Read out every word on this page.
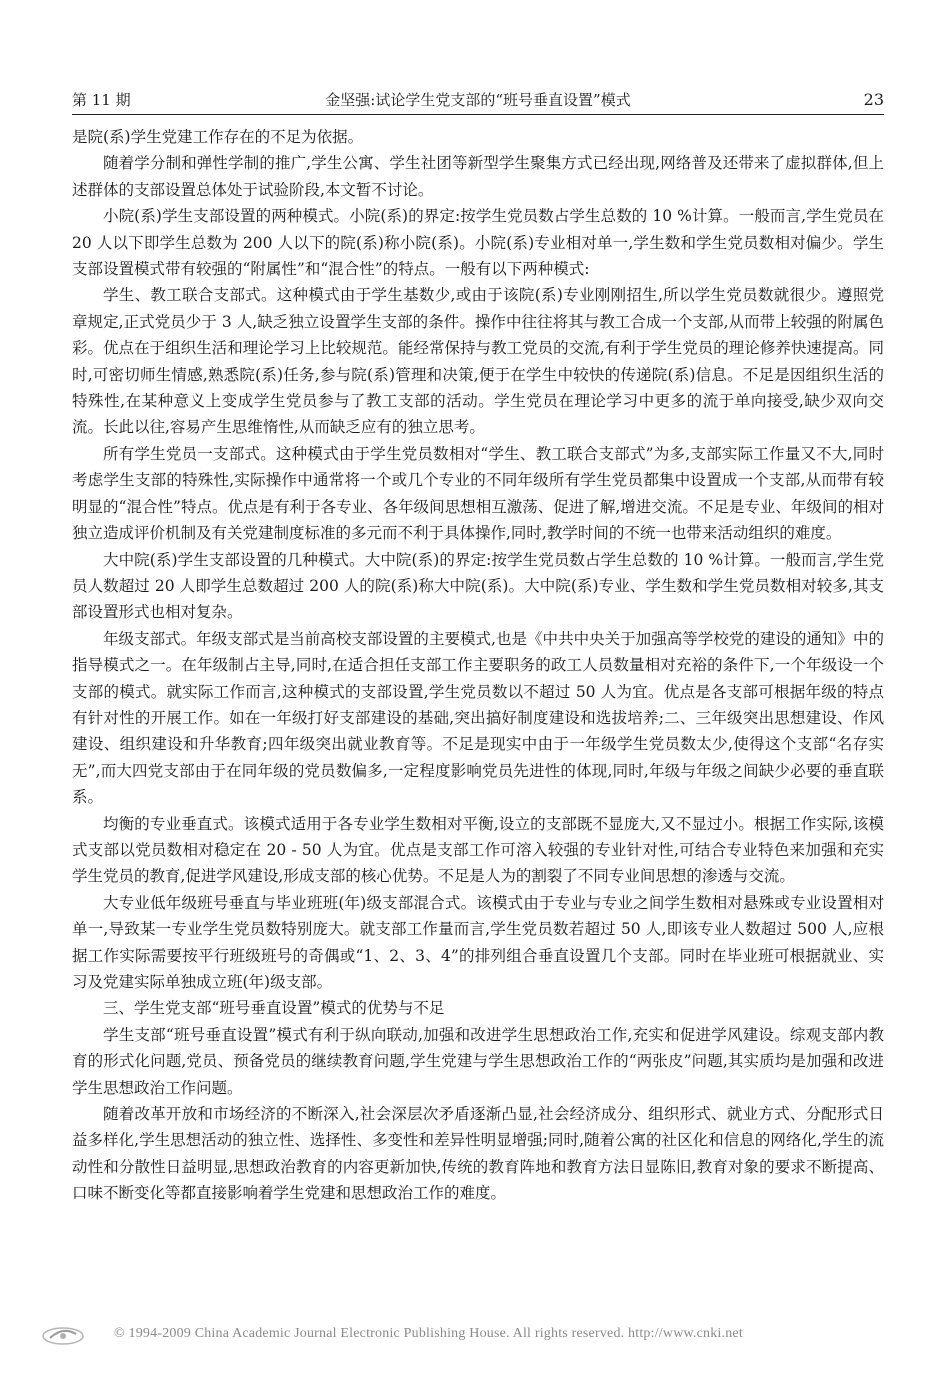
第 11 期	金坚强:试论学生党支部的“班号垂直设置”模式	23

是院(系)学生党建工作存在的不足为依据。

随着学分制和弹性学制的推广,学生公寓、学生社团等新型学生聚集方式已经出现,网络普及还带来了虚拟群体,但上述群体的支部设置总体处于试验阶段,本文暂不讨论。

小院(系)学生支部设置的两种模式。小院(系)的界定:按学生党员数占学生总数的 10 %计算。一般而言,学生党员在 20 人以下即学生总数为 200 人以下的院(系)称小院(系)。小院(系)专业相对单一,学生数和学生党员数相对偏少。学生支部设置模式带有较强的“附属性”和“混合性”的特点。一般有以下两种模式:

学生、教工联合支部式。这种模式由于学生基数少,或由于该院(系)专业刚刚招生,所以学生党员数就很少。遵照党章规定,正式党员少于 3 人,缺乏独立设置学生支部的条件。操作中往往将其与教工合成一个支部,从而带上较强的附属色彩。优点在于组织生活和理论学习上比较规范。能经常保持与教工党员的交流,有利于学生党员的理论修养快速提高。同时,可密切师生情感,熟悉院(系)任务,参与院(系)管理和决策,便于在学生中较快的传递院(系)信息。不足是因组织生活的特殊性,在某种意义上变成学生党员参与了教工支部的活动。学生党员在理论学习中更多的流于单向接受,缺少双向交流。长此以往,容易产生思维惰性,从而缺乏应有的独立思考。

所有学生党员一支部式。这种模式由于学生党员数相对“学生、教工联合支部式”为多,支部实际工作量又不大,同时考虑学生支部的特殊性,实际操作中通常将一个或几个专业的不同年级所有学生党员都集中设置成一个支部,从而带有较明显的“混合性”特点。优点是有利于各专业、各年级间思想相互激荡、促进了解,增进交流。不足是专业、年级间的相对独立造成评价机制及有关党建制度标准的多元而不利于具体操作,同时,教学时间的不统一也带来活动组织的难度。

大中院(系)学生支部设置的几种模式。大中院(系)的界定:按学生党员数占学生总数的 10 %计算。一般而言,学生党员人数超过 20 人即学生总数超过 200 人的院(系)称大中院(系)。大中院(系)专业、学生数和学生党员数相对较多,其支部设置形式也相对复杂。

年级支部式。年级支部式是当前高校支部设置的主要模式,也是《中共中央关于加强高等学校党的建设的通知》中的指导模式之一。在年级制占主导,同时,在适合担任支部工作主要职务的政工人员数量相对充裕的条件下,一个年级设一个支部的模式。就实际工作而言,这种模式的支部设置,学生党员数以不超过 50 人为宜。优点是各支部可根据年级的特点有针对性的开展工作。如在一年级打好支部建设的基础,突出搞好制度建设和选拔培养;二、三年级突出思想建设、作风建设、组织建设和升华教育;四年级突出就业教育等。不足是现实中由于一年级学生党员数太少,使得这个支部“名存实无”,而大四党支部由于在同年级的党员数偏多,一定程度影响党员先进性的体现,同时,年级与年级之间缺少必要的垂直联系。

均衡的专业垂直式。该模式适用于各专业学生数相对平衡,设立的支部既不显庞大,又不显过小。根据工作实际,该模式支部以党员数相对稳定在 20 - 50 人为宜。优点是支部工作可溶入较强的专业针对性,可结合专业特色来加强和充实学生党员的教育,促进学风建设,形成支部的核心优势。不足是人为的割裂了不同专业间思想的渗透与交流。

大专业低年级班号垂直与毕业班班(年)级支部混合式。该模式由于专业与专业之间学生数相对悬殊或专业设置相对单一,导致某一专业学生党员数特别庞大。就支部工作量而言,学生党员数若超过 50 人,即该专业人数超过 500 人,应根据工作实际需要按平行班级班号的奇偶或“1、2、3、4”的排列组合垂直设置几个支部。同时在毕业班可根据就业、实习及党建实际单独成立班(年)级支部。

三、学生党支部“班号垂直设置”模式的优势与不足

学生支部“班号垂直设置”模式有利于纵向联动,加强和改进学生思想政治工作,充实和促进学风建设。综观支部内教育的形式化问题,党员、预备党员的继续教育问题,学生党建与学生思想政治工作的“两张皮”问题,其实质均是加强和改进学生思想政治工作问题。

随着改革开放和市场经济的不断深入,社会深层次矛盾逐渐凸显,社会经济成分、组织形式、就业方式、分配形式日益多样化,学生思想活动的独立性、选择性、多变性和差异性明显增强;同时,随着公寓的社区化和信息的网络化,学生的流动性和分散性日益明显,思想政治教育的内容更新加快,传统的教育阵地和教育方法日显陈旧,教育对象的要求不断提高、口味不断变化等都直接影响着学生党建和思想政治工作的难度。

© 1994-2009 China Academic Journal Electronic Publishing House. All rights reserved. http://www.cnki.net
